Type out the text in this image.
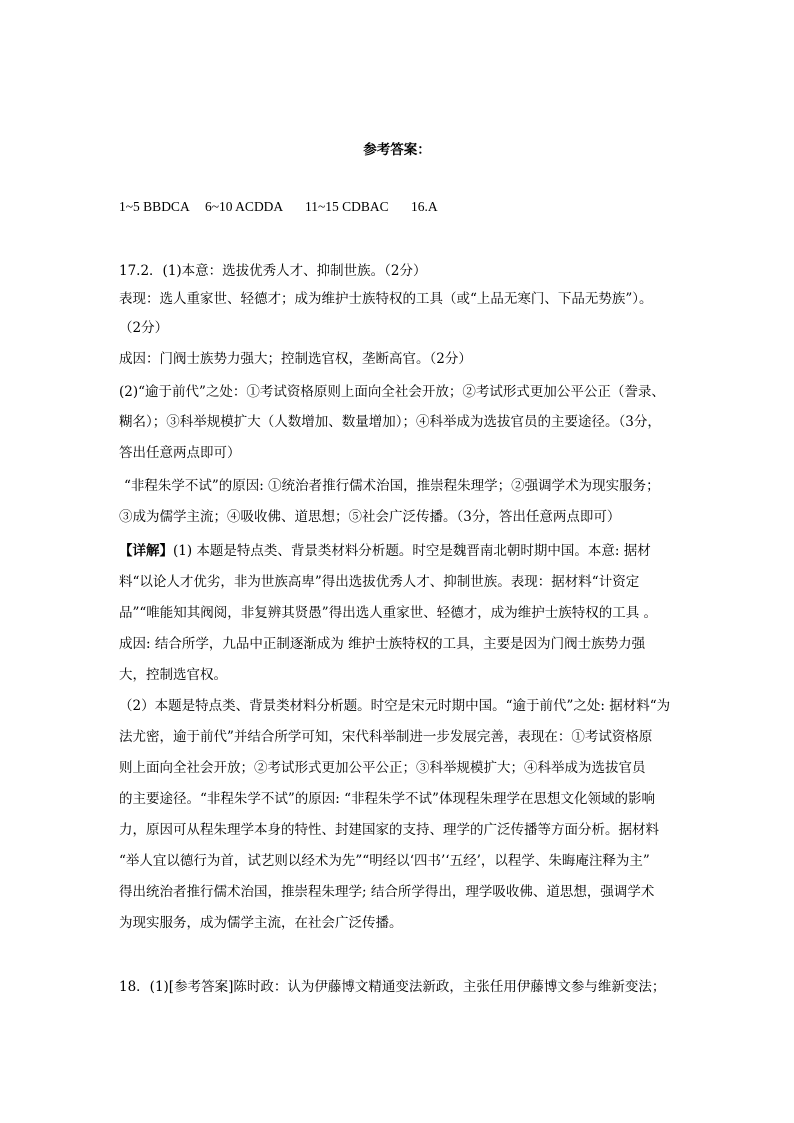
参考答案：
1~5 BBDCA 6~10 ACDDA 11~15 CDBAC 16.A
17.2．(1)本意：选拔优秀人才、抑制世族。（2分）
表现：选人重家世、轻德才；成为维护士族特权的工具（或“上品无寒门、下品无势族”）。
（2分）
成因：门阀士族势力强大；控制选官权，垄断高官。（2分）
(2)“逾于前代”之处：①考试资格原则上面向全社会开放；②考试形式更加公平公正（誊录、
糊名）；③科举规模扩大（人数增加、数量增加）；④科举成为选拔官员的主要途径。（3分，
答出任意两点即可）
“非程朱学不试”的原因: ①统治者推行儒术治国，推崇程朱理学；②强调学术为现实服务；
③成为儒学主流；④吸收佛、道思想；⑤社会广泛传播。（3分，答出任意两点即可）
【详解】(1) 本题是特点类、背景类材料分析题。时空是魏晋南北朝时期中国。本意: 据材
料“以论人才优劣，非为世族高卑”得出选拔优秀人才、抑制世族。表现：据材料“计资定
品”“唯能知其阀阅，非复辨其贤愚”得出选人重家世、轻德才，成为维护士族特权的工具 。
成因: 结合所学，九品中正制逐渐成为 维护士族特权的工具，主要是因为门阀士族势力强
大，控制选官权。
（2）本题是特点类、背景类材料分析题。时空是宋元时期中国。“逾于前代”之处: 据材料“为
法尤密，逾于前代”并结合所学可知，宋代科举制进一步发展完善，表现在：①考试资格原
则上面向全社会开放；②考试形式更加公平公正；③科举规模扩大；④科举成为选拔官员
的主要途径。“非程朱学不试”的原因: “非程朱学不试”体现程朱理学在思想文化领域的影响
力，原因可从程朱理学本身的特性、封建国家的支持、理学的广泛传播等方面分析。据材料
“举人宜以德行为首，试艺则以经术为先”“明经以‘四书’‘五经’，以程学、朱晦庵注释为主”
得出统治者推行儒术治国，推崇程朱理学; 结合所学得出，理学吸收佛、道思想，强调学术
为现实服务，成为儒学主流，在社会广泛传播。
18．(1)[参考答案]陈时政：认为伊藤博文精通变法新政，主张任用伊藤博文参与维新变法；
